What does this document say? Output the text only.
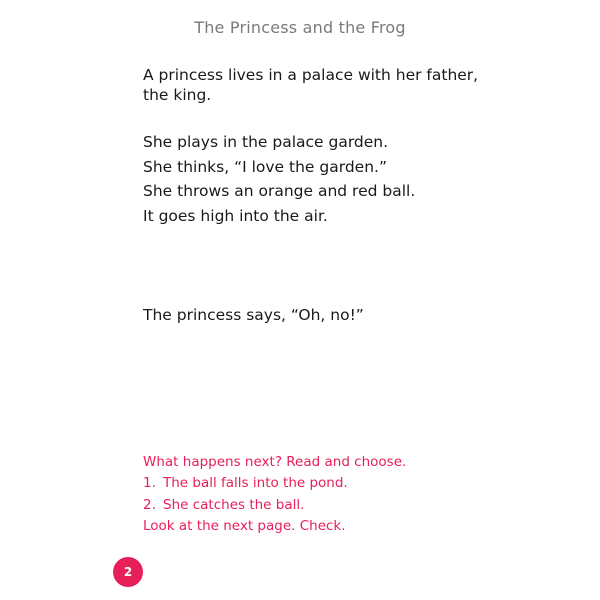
The Princess and the Frog
A princess lives in a palace with her father,
the king.
She plays in the palace garden.
She thinks, “I love the garden.”
She throws an orange and red ball.
It goes high into the air.
The princess says, “Oh, no!”
What happens next? Read and choose.
1. The ball falls into the pond.
2. She catches the ball.
Look at the next page. Check.
2
